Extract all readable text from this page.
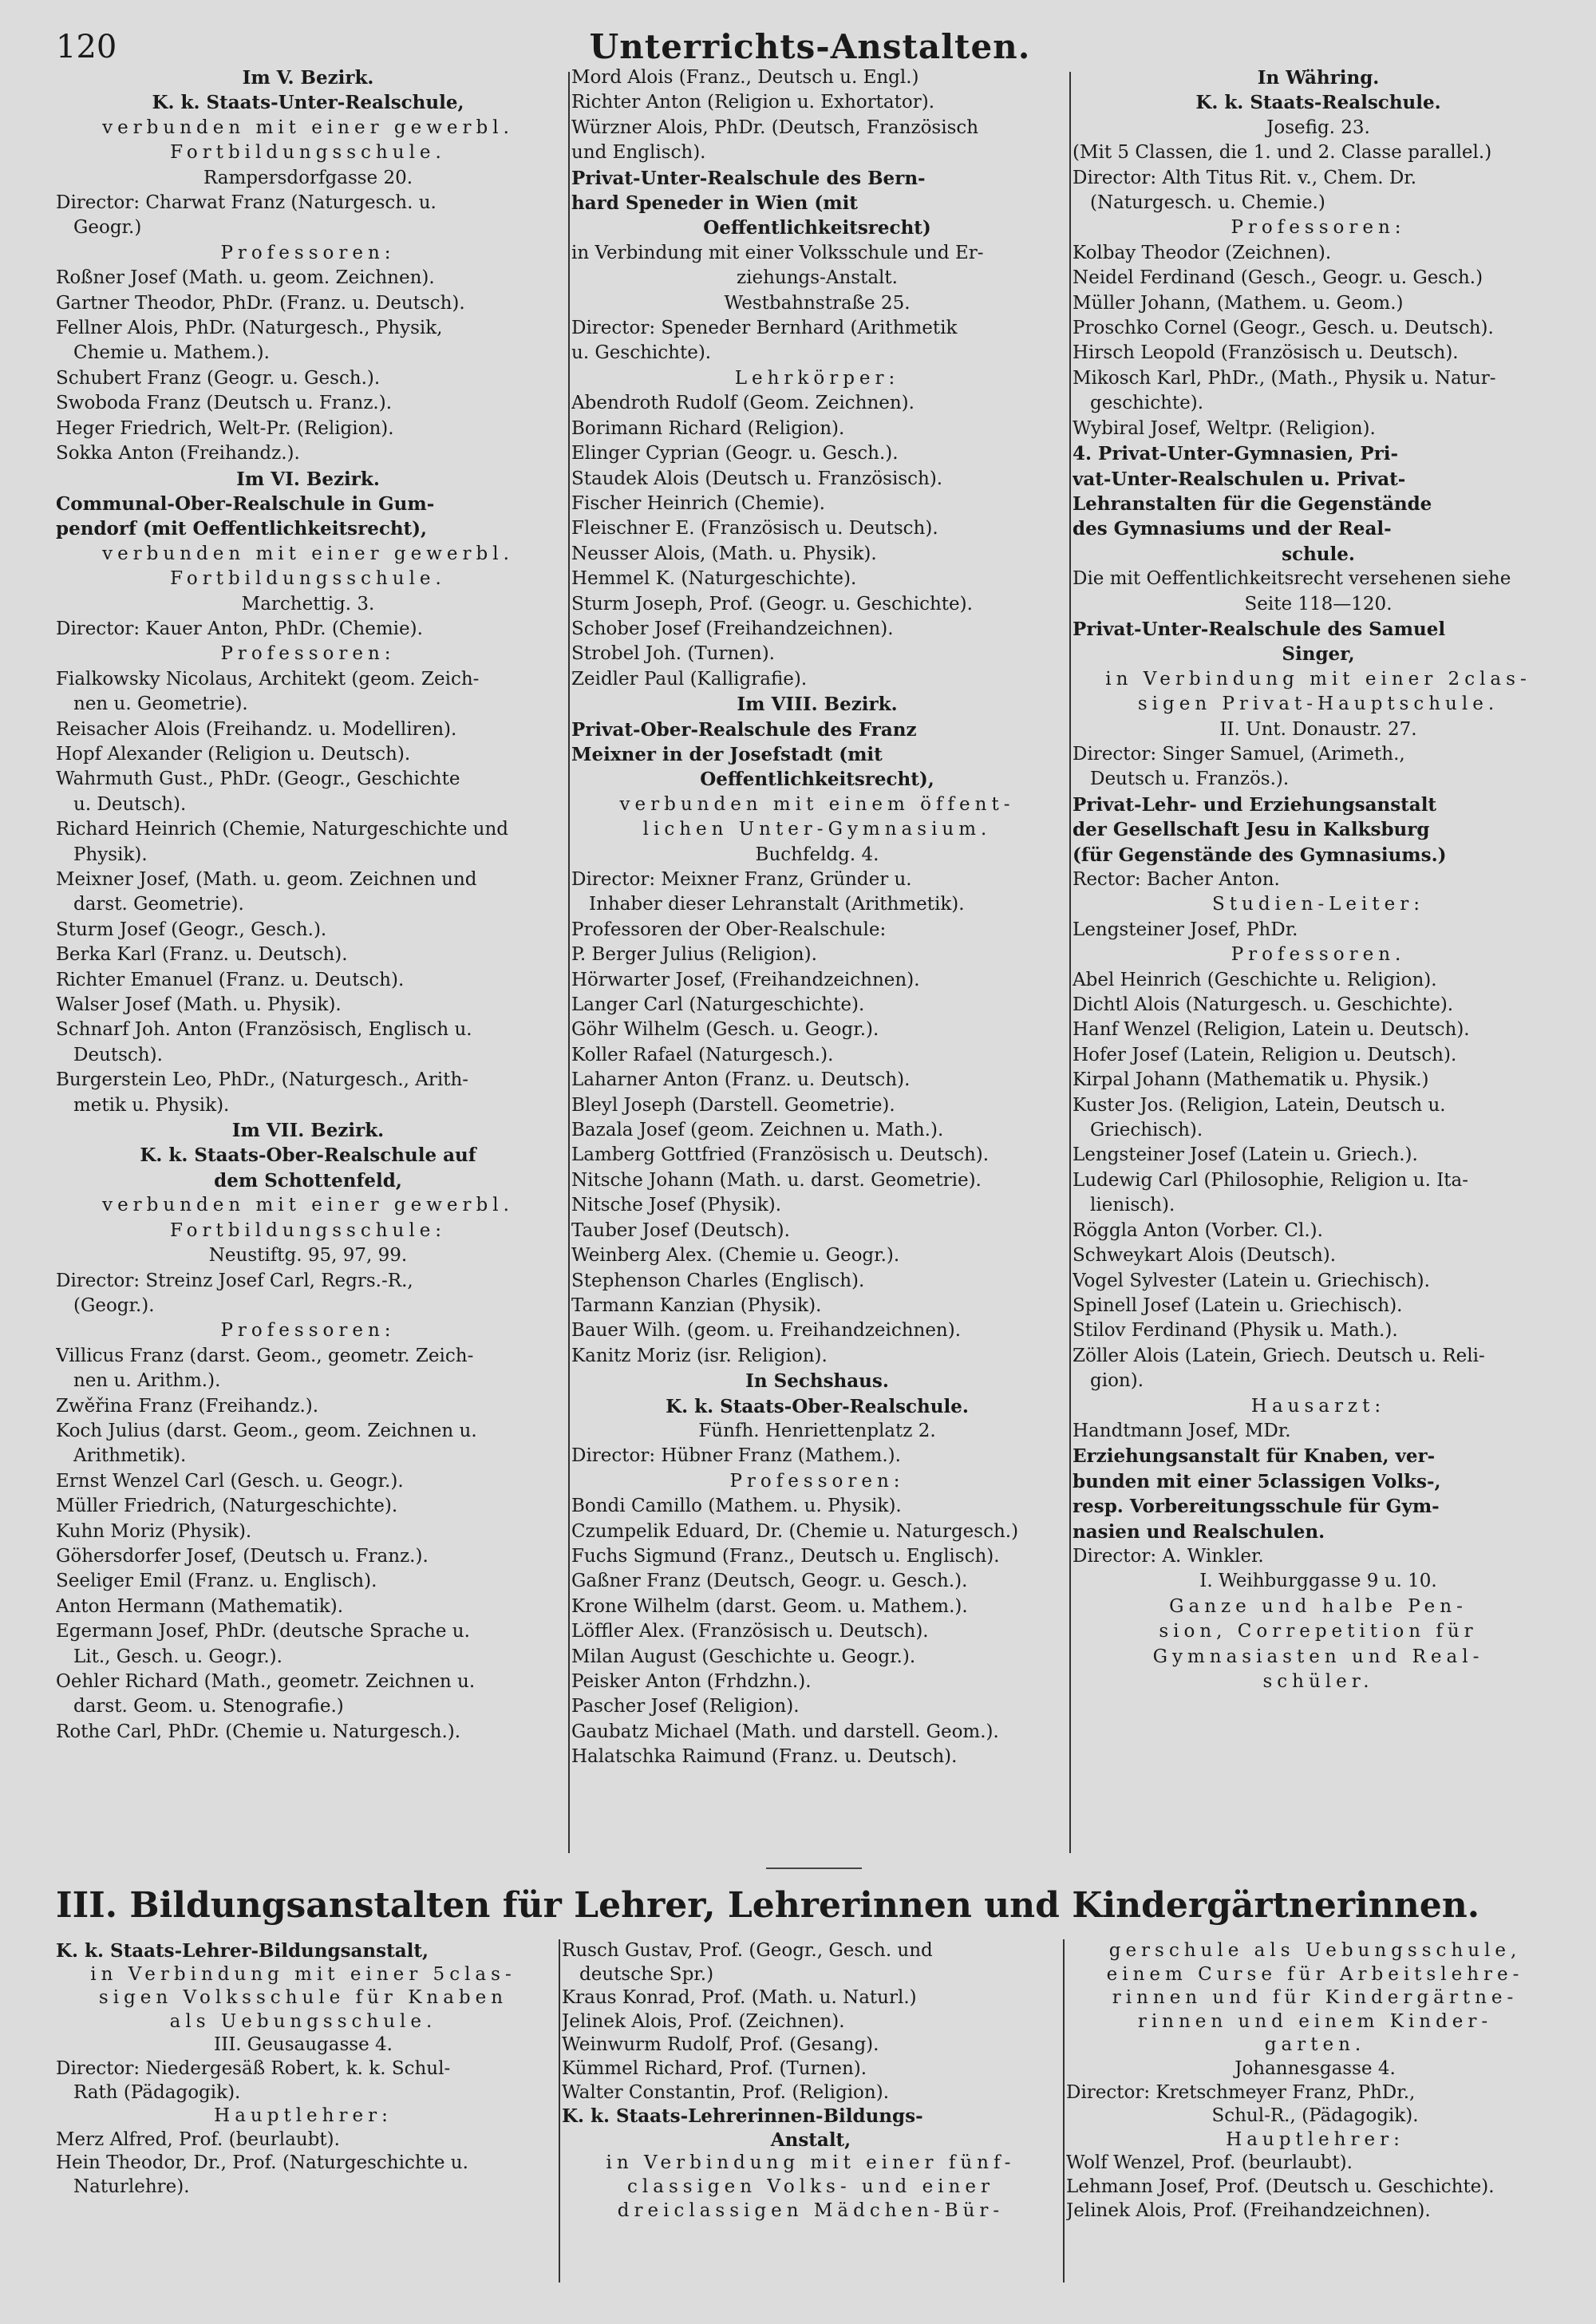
120	Unterrichts-Anstalten.
Im V. Bezirk.
K. k. Staats-Unter-Realschule,
verbunden mit einer gewerbl.
Fortbildungsschule.
Rampersdorfgasse 20.
Director: Charwat Franz (Naturgesch. u.
Geogr.)
Professoren:
Roßner Josef (Math. u. geom. Zeichnen).
Gartner Theodor, PhDr. (Franz. u. Deutsch).
Fellner Alois, PhDr. (Naturgesch., Physik,
Chemie u. Mathem.).
Schubert Franz (Geogr. u. Gesch.).
Swoboda Franz (Deutsch u. Franz.).
Heger Friedrich, Welt-Pr. (Religion).
Sokka Anton (Freihandz.).
Im VI. Bezirk.
Communal-Ober-Realschule in Gum-
pendorf (mit Oeffentlichkeitsrecht),
verbunden mit einer gewerbl.
Fortbildungsschule.
Marchettig. 3.
Director: Kauer Anton, PhDr. (Chemie).
Professoren:
Fialkowsky Nicolaus, Architekt (geom. Zeich-
nen u. Geometrie).
Reisacher Alois (Freihandz. u. Modelliren).
Hopf Alexander (Religion u. Deutsch).
Wahrmuth Gust., PhDr. (Geogr., Geschichte
u. Deutsch).
Richard Heinrich (Chemie, Naturgeschichte und
Physik).
Meixner Josef, (Math. u. geom. Zeichnen und
darst. Geometrie).
Sturm Josef (Geogr., Gesch.).
Berka Karl (Franz. u. Deutsch).
Richter Emanuel (Franz. u. Deutsch).
Walser Josef (Math. u. Physik).
Schnarf Joh. Anton (Französisch, Englisch u.
Deutsch).
Burgerstein Leo, PhDr., (Naturgesch., Arith-
metik u. Physik).
Im VII. Bezirk.
K. k. Staats-Ober-Realschule auf
dem Schottenfeld,
verbunden mit einer gewerbl.
Fortbildungsschule:
Neustiftg. 95, 97, 99.
Director: Streinz Josef Carl, Regrs.-R.,
(Geogr.).
Professoren:
Villicus Franz (darst. Geom., geometr. Zeich-
nen u. Arithm.).
Zwěřina Franz (Freihandz.).
Koch Julius (darst. Geom., geom. Zeichnen u.
Arithmetik).
Ernst Wenzel Carl (Gesch. u. Geogr.).
Müller Friedrich, (Naturgeschichte).
Kuhn Moriz (Physik).
Göhersdorfer Josef, (Deutsch u. Franz.).
Seeliger Emil (Franz. u. Englisch).
Anton Hermann (Mathematik).
Egermann Josef, PhDr. (deutsche Sprache u.
Lit., Gesch. u. Geogr.).
Oehler Richard (Math., geometr. Zeichnen u.
darst. Geom. u. Stenografie.)
Rothe Carl, PhDr. (Chemie u. Naturgesch.).
Mord Alois (Franz., Deutsch u. Engl.)
Richter Anton (Religion u. Exhortator).
Würzner Alois, PhDr. (Deutsch, Französisch
und Englisch).
Privat-Unter-Realschule des Bern-
hard Speneder in Wien (mit
Oeffentlichkeitsrecht)
in Verbindung mit einer Volksschule und Er-
ziehungs-Anstalt.
Westbahnstraße 25.
Director: Speneder Bernhard (Arithmetik
u. Geschichte).
Lehrkörper:
Abendroth Rudolf (Geom. Zeichnen).
Borimann Richard (Religion).
Elinger Cyprian (Geogr. u. Gesch.).
Staudek Alois (Deutsch u. Französisch).
Fischer Heinrich (Chemie).
Fleischner E. (Französisch u. Deutsch).
Neusser Alois, (Math. u. Physik).
Hemmel K. (Naturgeschichte).
Sturm Joseph, Prof. (Geogr. u. Geschichte).
Schober Josef (Freihandzeichnen).
Strobel Joh. (Turnen).
Zeidler Paul (Kalligrafie).
Im VIII. Bezirk.
Privat-Ober-Realschule des Franz
Meixner in der Josefstadt (mit
Oeffentlichkeitsrecht),
verbunden mit einem öffent-
lichen Unter-Gymnasium.
Buchfeldg. 4.
Director: Meixner Franz, Gründer u.
Inhaber dieser Lehranstalt (Arithmetik).
Professoren der Ober-Realschule:
P. Berger Julius (Religion).
Hörwarter Josef, (Freihandzeichnen).
Langer Carl (Naturgeschichte).
Göhr Wilhelm (Gesch. u. Geogr.).
Koller Rafael (Naturgesch.).
Laharner Anton (Franz. u. Deutsch).
Bleyl Joseph (Darstell. Geometrie).
Bazala Josef (geom. Zeichnen u. Math.).
Lamberg Gottfried (Französisch u. Deutsch).
Nitsche Johann (Math. u. darst. Geometrie).
Nitsche Josef (Physik).
Tauber Josef (Deutsch).
Weinberg Alex. (Chemie u. Geogr.).
Stephenson Charles (Englisch).
Tarmann Kanzian (Physik).
Bauer Wilh. (geom. u. Freihandzeichnen).
Kanitz Moriz (isr. Religion).
In Sechshaus.
K. k. Staats-Ober-Realschule.
Fünfh. Henriettenplatz 2.
Director: Hübner Franz (Mathem.).
Professoren:
Bondi Camillo (Mathem. u. Physik).
Czumpelik Eduard, Dr. (Chemie u. Naturgesch.)
Fuchs Sigmund (Franz., Deutsch u. Englisch).
Gaßner Franz (Deutsch, Geogr. u. Gesch.).
Krone Wilhelm (darst. Geom. u. Mathem.).
Löffler Alex. (Französisch u. Deutsch).
Milan August (Geschichte u. Geogr.).
Peisker Anton (Frhdzhn.).
Pascher Josef (Religion).
Gaubatz Michael (Math. und darstell. Geom.).
Halatschka Raimund (Franz. u. Deutsch).
In Währing.
K. k. Staats-Realschule.
Josefig. 23.
(Mit 5 Classen, die 1. und 2. Classe parallel.)
Director: Alth Titus Rit. v., Chem. Dr.
(Naturgesch. u. Chemie.)
Professoren:
Kolbay Theodor (Zeichnen).
Neidel Ferdinand (Gesch., Geogr. u. Gesch.)
Müller Johann, (Mathem. u. Geom.)
Proschko Cornel (Geogr., Gesch. u. Deutsch).
Hirsch Leopold (Französisch u. Deutsch).
Mikosch Karl, PhDr., (Math., Physik u. Natur-
geschichte).
Wybiral Josef, Weltpr. (Religion).
4. Privat-Unter-Gymnasien, Pri-
vat-Unter-Realschulen u. Privat-
Lehranstalten für die Gegenstände
des Gymnasiums und der Real-
schule.
Die mit Oeffentlichkeitsrecht versehenen siehe
Seite 118—120.
Privat-Unter-Realschule des Samuel
Singer,
in Verbindung mit einer 2clas-
sigen Privat-Hauptschule.
II. Unt. Donaustr. 27.
Director: Singer Samuel, (Arimeth.,
Deutsch u. Französ.).
Privat-Lehr- und Erziehungsanstalt
der Gesellschaft Jesu in Kalksburg
(für Gegenstände des Gymnasiums.)
Rector: Bacher Anton.
Studien-Leiter:
Lengsteiner Josef, PhDr.
Professoren.
Abel Heinrich (Geschichte u. Religion).
Dichtl Alois (Naturgesch. u. Geschichte).
Hanf Wenzel (Religion, Latein u. Deutsch).
Hofer Josef (Latein, Religion u. Deutsch).
Kirpal Johann (Mathematik u. Physik.)
Kuster Jos. (Religion, Latein, Deutsch u.
Griechisch).
Lengsteiner Josef (Latein u. Griech.).
Ludewig Carl (Philosophie, Religion u. Ita-
lienisch).
Röggla Anton (Vorber. Cl.).
Schweykart Alois (Deutsch).
Vogel Sylvester (Latein u. Griechisch).
Spinell Josef (Latein u. Griechisch).
Stilov Ferdinand (Physik u. Math.).
Zöller Alois (Latein, Griech. Deutsch u. Reli-
gion).
Hausarzt:
Handtmann Josef, MDr.
Erziehungsanstalt für Knaben, ver-
bunden mit einer 5classigen Volks-,
resp. Vorbereitungsschule für Gym-
nasien und Realschulen.
Director: A. Winkler.
I. Weihburggasse 9 u. 10.
Ganze und halbe Pen-
sion, Correpetition für
Gymnasiasten und Real-
schüler.
III. Bildungsanstalten für Lehrer, Lehrerinnen und Kindergärtnerinnen.
K. k. Staats-Lehrer-Bildungsanstalt,
in Verbindung mit einer 5clas-
sigen Volksschule für Knaben
als Uebungsschule.
III. Geusaugasse 4.
Director: Niedergesäß Robert, k. k. Schul-
Rath (Pädagogik).
Hauptlehrer:
Merz Alfred, Prof. (beurlaubt).
Hein Theodor, Dr., Prof. (Naturgeschichte u.
Naturlehre).
Rusch Gustav, Prof. (Geogr., Gesch. und
deutsche Spr.)
Kraus Konrad, Prof. (Math. u. Naturl.)
Jelinek Alois, Prof. (Zeichnen).
Weinwurm Rudolf, Prof. (Gesang).
Kümmel Richard, Prof. (Turnen).
Walter Constantin, Prof. (Religion).
K. k. Staats-Lehrerinnen-Bildungs-
Anstalt,
in Verbindung mit einer fünf-
classigen Volks- und einer
dreiclassigen Mädchen-Bür-
gerschule als Uebungsschule,
einem Curse für Arbeitslehre-
rinnen und für Kindergärtne-
rinnen und einem Kinder-
garten.
Johannesgasse 4.
Director: Kretschmeyer Franz, PhDr.,
Schul-R., (Pädagogik).
Hauptlehrer:
Wolf Wenzel, Prof. (beurlaubt).
Lehmann Josef, Prof. (Deutsch u. Geschichte).
Jelinek Alois, Prof. (Freihandzeichnen).
